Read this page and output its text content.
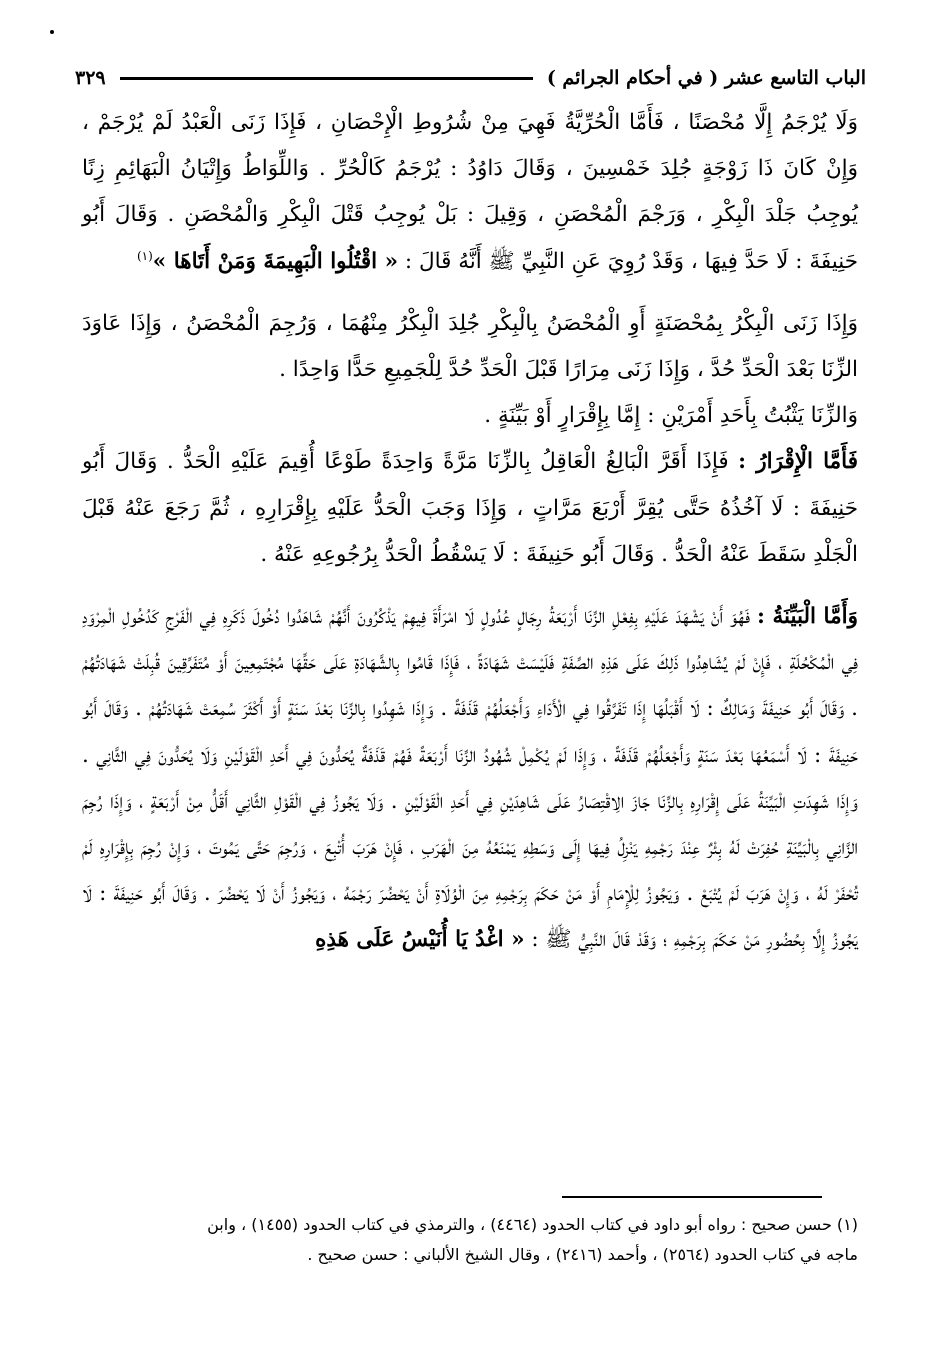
الباب التاسع عشر ( في أحكام الجرائم )
٣٢٩

وَلَا يُرْجَمُ إِلَّا مُحْصَنًا ، فَأَمَّا الْحُرِّيَّةُ فَهِيَ مِنْ شُرُوطِ الْإِحْصَانِ ، فَإِذَا زَنَى الْعَبْدُ لَمْ يُرْجَمْ ، وَإِنْ كَانَ ذَا زَوْجَةٍ جُلِدَ خَمْسِينَ ، وَقَالَ دَاوُدُ : يُرْجَمُ كَالْحُرِّ . وَاللِّوَاطُ وَإِتْيَانُ الْبَهَائِمِ زِنًا يُوجِبُ جَلْدَ الْبِكْرِ ، وَرَجْمَ الْمُحْصَنِ ، وَقِيلَ : بَلْ يُوجِبُ قَتْلَ الْبِكْرِ وَالْمُحْصَنِ . وَقَالَ أَبُو حَنِيفَةَ : لَا حَدَّ فِيهَا ، وَقَدْ رُوِيَ عَنِ النَّبِيِّ ﷺ أَنَّهُ قَالَ : « اقْتُلُوا الْبَهِيمَةَ وَمَنْ أَتَاهَا »$^{(١)}$

وَإِذَا زَنَى الْبِكْرُ بِمُحْصَنَةٍ أَوِ الْمُحْصَنُ بِالْبِكْرِ جُلِدَ الْبِكْرُ مِنْهُمَا ، وَرُجِمَ الْمُحْصَنُ ، وَإِذَا عَاوَدَ الزِّنَا بَعْدَ الْحَدِّ حُدَّ ، وَإِذَا زَنَى مِرَارًا قَبْلَ الْحَدِّ حُدَّ لِلْجَمِيعِ حَدًّا وَاحِدًا .

وَالزِّنَا يَثْبُتُ بِأَحَدِ أَمْرَيْنِ : إِمَّا بِإِقْرَارٍ أَوْ بَيِّنَةٍ .

فَأَمَّا الْإِقْرَارُ : فَإِذَا أَقَرَّ الْبَالِغُ الْعَاقِلُ بِالزِّنَا مَرَّةً وَاحِدَةً طَوْعًا أُقِيمَ عَلَيْهِ الْحَدُّ . وَقَالَ أَبُو حَنِيفَةَ : لَا آخُذُهُ حَتَّى يُقِرَّ أَرْبَعَ مَرَّاتٍ ، وَإِذَا وَجَبَ الْحَدُّ عَلَيْهِ بِإِقْرَارِهِ ، ثُمَّ رَجَعَ عَنْهُ قَبْلَ الْجَلْدِ سَقَطَ عَنْهُ الْحَدُّ . وَقَالَ أَبُو حَنِيفَةَ : لَا يَسْقُطُ الْحَدُّ بِرُجُوعِهِ عَنْهُ .

وَأَمَّا الْبَيِّنَةُ : فَهُوَ أَنْ يَشْهَدَ عَلَيْهِ بِفِعْلِ الزِّنَا أَرْبَعَةُ رِجَالٍ عُدُولٍ لَا امْرَأَةَ فِيهِمْ يَذْكُرُونَ أَنَّهُمْ شَاهَدُوا دُخُولَ ذَكَرِهِ فِي الْفَرْجِ كَدُخُولِ الْمِرْوَدِ فِي الْمُكْحُلَةِ ، فَإِنْ لَمْ يُشَاهِدُوا ذَلِكَ عَلَى هَذِهِ الصِّفَةِ فَلَيْسَتْ شَهَادَةً ، فَإِذَا قَامُوا بِالشَّهَادَةِ عَلَى حَقِّهَا مُجْتَمِعِينَ أَوْ مُتَفَرِّقِينَ قُبِلَتْ شَهَادَتُهُمْ . وَقَالَ أَبُو حَنِيفَةَ وَمَالِكٌ : لَا أَقْبَلُهَا إِذَا تَفَرَّقُوا فِي الْأَدَاءِ وَأَجْعَلُهُمْ قَذَفَةً . وَإِذَا شَهِدُوا بِالزِّنَا بَعْدَ سَنَةٍ أَوْ أَكْثَرَ سُمِعَتْ شَهَادَتُهُمْ . وَقَالَ أَبُو حَنِيفَةَ : لَا أَسْمَعُهَا بَعْدَ سَنَةٍ وَأَجْعَلُهُمْ قَذَفَةً ، وَإِذَا لَمْ يُكْمِلْ شُهُودُ الزِّنَا أَرْبَعَةً فَهُمْ قَذَفَةٌ يُحَدُّونَ فِي أَحَدِ الْقَوْلَيْنِ وَلَا يُحَدُّونَ فِي الثَّانِي . وَإِذَا شَهِدَتِ الْبَيِّنَةُ عَلَى إِقْرَارِهِ بِالزِّنَا جَازَ الِاقْتِصَارُ عَلَى شَاهِدَيْنِ فِي أَحَدِ الْقَوْلَيْنِ . وَلَا يَجُوزُ فِي الْقَوْلِ الثَّانِي أَقَلُّ مِنْ أَرْبَعَةٍ ، وَإِذَا رُجِمَ الزَّانِي بِالْبَيِّنَةِ حُفِرَتْ لَهُ بِئْرٌ عِنْدَ رَجْمِهِ يَنْزِلُ فِيهَا إِلَى وَسَطِهِ يَمْنَعُهُ مِنَ الْهَرَبِ ، فَإِنْ هَرَبَ أُتْبِعَ ، وَرُجِمَ حَتَّى يَمُوتَ ، وَإِنْ رُجِمَ بِإِقْرَارِهِ لَمْ تُحْفَرْ لَهُ ، وَإِنْ هَرَبَ لَمْ يُتْبَعْ . وَيَجُوزُ لِلْإِمَامِ أَوْ مَنْ حَكَمَ بِرَجْمِهِ مِنَ الْوُلَاةِ أَنْ يَحْضُرَ رَجْمَهُ ، وَيَجُوزُ أَنْ لَا يَحْضُرَ . وَقَالَ أَبُو حَنِيفَةَ : لَا يَجُوزُ إِلَّا بِحُضُورِ مَنْ حَكَمَ بِرَجْمِهِ ؛ وَقَدْ قَالَ النَّبِيُّ ﷺ : « اغْدُ يَا أُنَيْسُ عَلَى هَذِهِ

(١) حسن صحيح : رواه أبو داود في كتاب الحدود (٤٤٦٤) ، والترمذي في كتاب الحدود (١٤٥٥) ، وابن

ماجه في كتاب الحدود (٢٥٦٤) ، وأحمد (٢٤١٦) ، وقال الشيخ الألباني : حسن صحيح .
